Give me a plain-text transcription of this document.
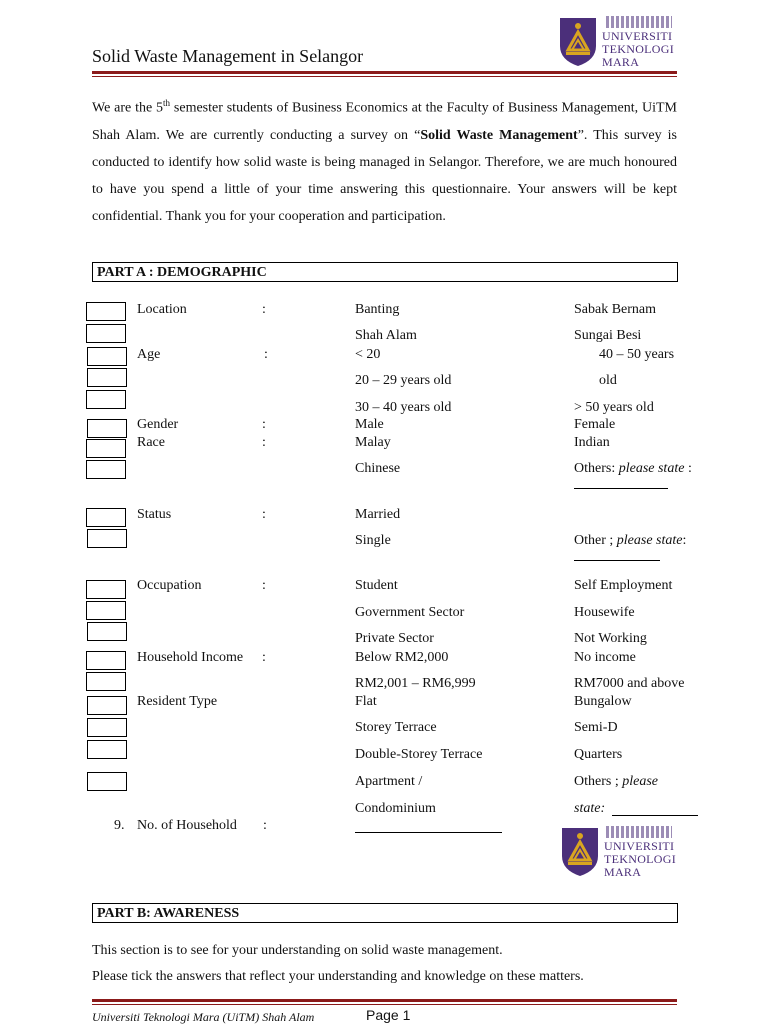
Solid Waste Management in Selangor
UNIVERSITI
TEKNOLOGI
MARA
We are the 5th semester students of Business Economics at the Faculty of Business Management, UiTM Shah Alam. We are currently conducting a survey on “Solid Waste Management”. This survey is conducted to identify how solid waste is being managed in Selangor. Therefore, we are much honoured to have you spend a little of your time answering this questionnaire. Your answers will be kept confidential. Thank you for your cooperation and participation.
PART A : DEMOGRAPHIC
Location	:	Banting	Sabak Bernam
Shah Alam	Sungai Besi
Age	:	< 20	40 – 50 years
old
20 – 29 years old
30 – 40 years old	> 50 years old
Gender	:	Male	Female
Race	:	Malay	Indian
Chinese	Others: please state :
Status	:	Married
Single	Other ; please state:
Occupation	:	Student	Self Employment
Government Sector	Housewife
Private Sector	Not Working
Household Income :	Below RM2,000	No income
RM2,001 – RM6,999	RM7000 and above
Resident Type	Flat	Bungalow
Storey Terrace	Semi-D
Double-Storey Terrace	Quarters
Apartment /	Others ; please
Condominium	state:
9. No. of Household :
UNIVERSITI
TEKNOLOGI
MARA
PART B: AWARENESS
This section is to see for your understanding on solid waste management.
Please tick the answers that reflect your understanding and knowledge on these matters.
Universiti Teknologi Mara (UiTM) Shah Alam	Page 1
